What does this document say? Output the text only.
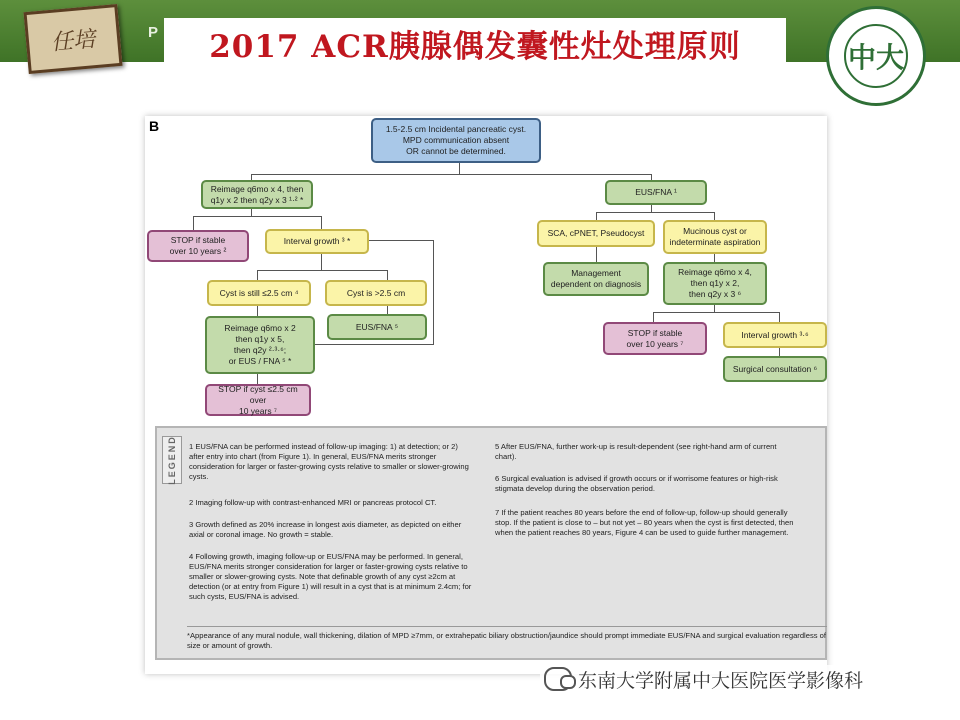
任培	P 2017 ACR胰腺偶发囊性灶处理原则	中大
B	1.5-2.5 cm Incidental pancreatic cyst.
MPD communication absent
OR cannot be determined.
Reimage q6mo x 4, then
q1y x 2 then q2y x 3 ¹·² *
STOP if stable
over 10 years ²
Interval growth ³ *
Cyst is still ≤2.5 cm ⁴	Cyst is >2.5 cm
EUS/FNA ⁵
Reimage q6mo x 2
then q1y x 5,
then q2y ²·³·⁶;
or EUS / FNA ⁵ *
STOP if cyst ≤2.5 cm over
10 years ⁷
EUS/FNA ¹
SCA, cPNET, Pseudocyst	Mucinous cyst or
indeterminate aspiration
Management
dependent on diagnosis
Reimage q6mo x 4,
then q1y x 2,
then q2y x 3 ⁶
STOP if stable
over 10 years ⁷
Interval growth ³·⁶
Surgical consultation ⁶
LEGEND 1 EUS/FNA can be performed instead of follow-up imaging: 1) at detection; or 2) after entry into chart (from Figure 1). In general, EUS/FNA merits stronger consideration for larger or faster-growing cysts relative to smaller or slower-growing cysts.
2 Imaging follow-up with contrast-enhanced MRI or pancreas protocol CT.
3 Growth defined as 20% increase in longest axis diameter, as depicted on either axial or coronal image. No growth = stable.
4 Following growth, imaging follow-up or EUS/FNA may be performed. In general, EUS/FNA merits stronger consideration for larger or faster-growing cysts relative to smaller or slower-growing cysts. Note that definable growth of any cyst ≥2cm at detection (or at entry from Figure 1) will result in a cyst that is at minimum 2.4cm; for such cysts, EUS/FNA is advised.
5 After EUS/FNA, further work-up is result-dependent (see right-hand arm of current chart).
6 Surgical evaluation is advised if growth occurs or if worrisome features or high-risk stigmata develop during the observation period.
7 If the patient reaches 80 years before the end of follow-up, follow-up should generally stop. If the patient is close to – but not yet – 80 years when the cyst is first detected, then when the patient reaches 80 years, Figure 4 can be used to guide further management.
*Appearance of any mural nodule, wall thickening, dilation of MPD ≥7mm, or extrahepatic biliary obstruction/jaundice should prompt immediate EUS/FNA and surgical evaluation regardless of size or amount of growth.
东南大学附属中大医院医学影像科
